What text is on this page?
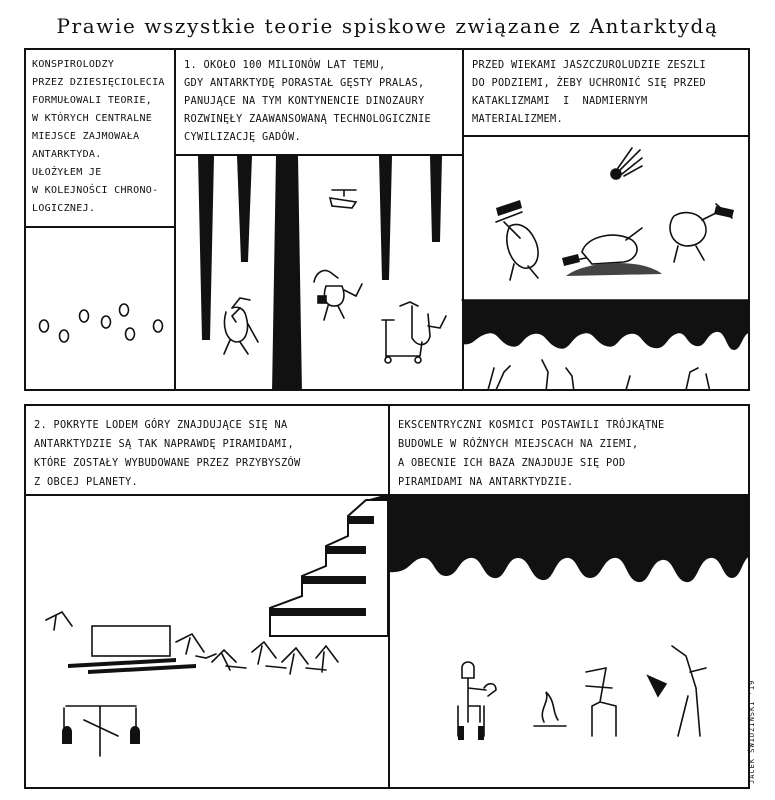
Prawie wszystkie teorie spiskowe związane z Antarktydą
KONSPIROLODZY
PRZEZ DZIESIĘCIOLECIA
FORMUŁOWALI TEORIE,
W KTÓRYCH CENTRALNE
MIEJSCE ZAJMOWAŁA
ANTARKTYDA.
UŁOŻYŁEM JE
W KOLEJNOŚCI CHRONO-
LOGICZNEJ.
1. OKOŁO 100 MILIONÓW LAT TEMU,
GDY ANTARKTYDĘ PORASTAŁ GĘSTY PRALAS,
PANUJĄCE NA TYM KONTYNENCIE DINOZAURY
ROZWINĘŁY ZAAWANSOWANĄ TECHNOLOGICZNIE
CYWILIZACJĘ GADÓW.
PRZED WIEKAMI JASZCZUROLUDZIE ZESZLI
DO PODZIEMI, ŻEBY UCHRONIĆ SIĘ PRZED
KATAKLIZMAMI  I  NADMIERNYM
MATERIALIZMEM.
2. POKRYTE LODEM GÓRY ZNAJDUJĄCE SIĘ NA
ANTARKTYDZIE SĄ TAK NAPRAWDĘ PIRAMIDAMI,
KTÓRE ZOSTAŁY WYBUDOWANE PRZEZ PRZYBYSZÓW
Z OBCEJ PLANETY.
EKSCENTRYCZNI KOSMICI POSTAWILI TRÓJKĄTNE
BUDOWLE W RÓŻNYCH MIEJSCACH NA ZIEMI,
A OBECNIE ICH BAZA ZNAJDUJE SIĘ POD
PIRAMIDAMI NA ANTARKTYDZIE.
JACEK ŚWIDZIŃSKI '19
